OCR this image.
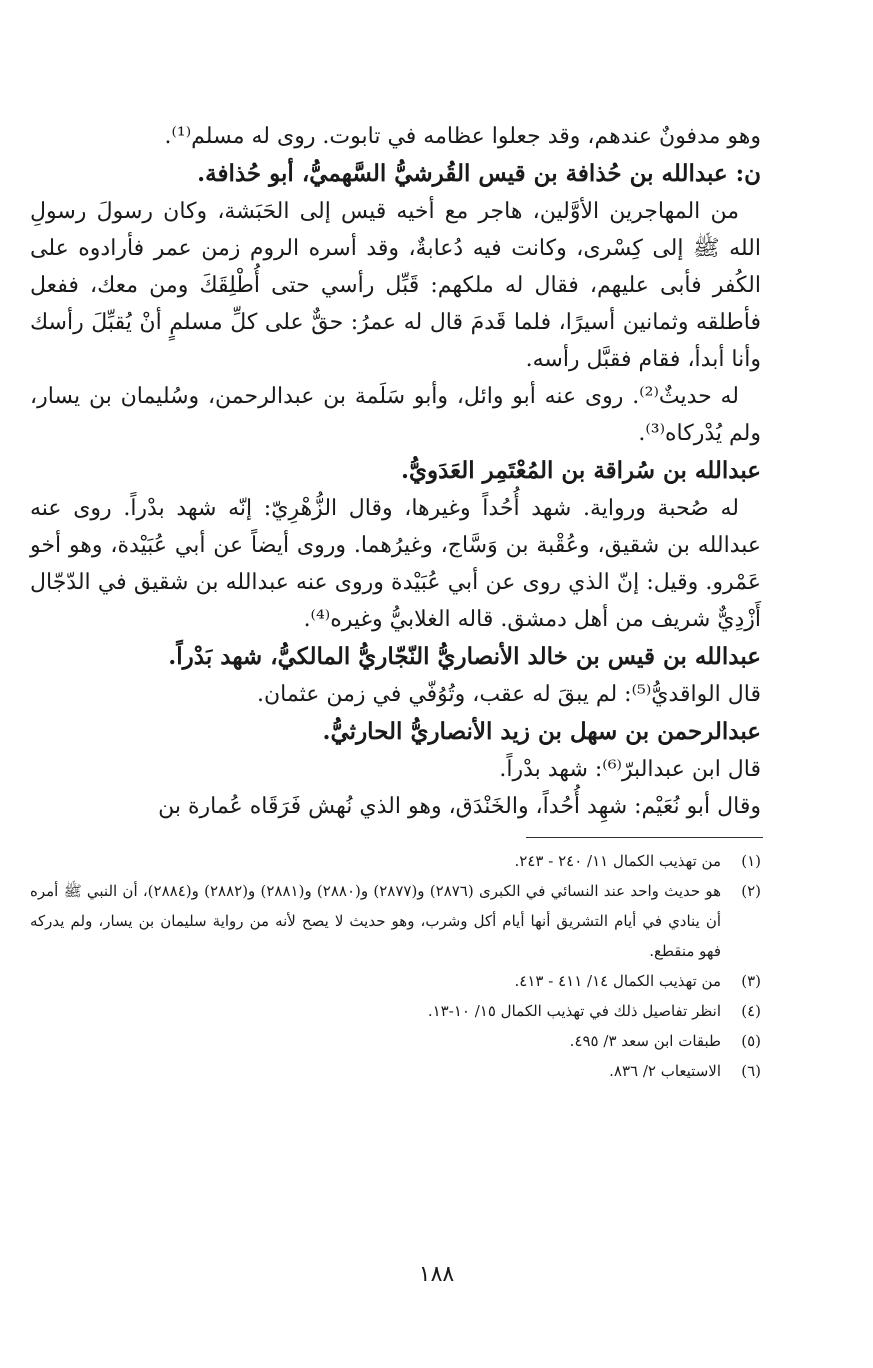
وهو مدفونٌ عندهم، وقد جعلوا عظامه في تابوت. روى له مسلم⁽¹⁾.

ن: عبدالله بن حُذافة بن قيس القُرشيُّ السَّهميُّ، أبو حُذافة.

من المهاجرين الأوَّلين، هاجر مع أخيه قيس إلى الحَبَشة، وكان رسولَ رسولِ الله ﷺ إلى كِسْرى، وكانت فيه دُعابةٌ، وقد أسره الروم زمن عمر فأرادوه على الكُفر فأبى عليهم، فقال له ملكهم: قَبِّل رأسي حتى أُطْلِقَكَ ومن معك، ففعل فأطلقه وثمانين أسيرًا، فلما قَدمَ قال له عمرُ: حقٌّ على كلِّ مسلمٍ أنْ يُقبِّلَ رأسك وأنا أبدأ، فقام فقبَّل رأسه.

له حديثٌ⁽²⁾. روى عنه أبو وائل، وأبو سَلَمة بن عبدالرحمن، وسُليمان بن يسار، ولم يُدْركاه⁽³⁾.

عبدالله بن سُراقة بن المُعْتَمِر العَدَويُّ.

له صُحبة ورواية. شهد أُحُداً وغيرها، وقال الزُّهْرِيّ: إنّه شهد بدْراً. روى عنه عبدالله بن شقيق، وعُقْبة بن وَسَّاج، وغيرُهما. وروى أيضاً عن أبي عُبَيْدة، وهو أخو عَمْرو. وقيل: إنّ الذي روى عن أبي عُبَيْدة وروى عنه عبدالله بن شقيق في الدّجّال أَزْدِيٌّ شريف من أهل دمشق. قاله الغلابيُّ وغيره⁽⁴⁾.

عبدالله بن قيس بن خالد الأنصاريُّ النّجّاريُّ المالكيُّ، شهد بَدْراً.

قال الواقديُّ⁽⁵⁾: لم يبقَ له عقب، وتُوُفّي في زمن عثمان.

عبدالرحمن بن سهل بن زيد الأنصاريُّ الحارثيُّ.

قال ابن عبدالبرّ⁽⁶⁾: شهد بدْراً.

وقال أبو نُعَيْم: شهِد أُحُداً، والخَنْدَق، وهو الذي نُهش فَرَقَاه عُمارة بن

(١)
من تهذيب الكمال ١١/ ٢٤٠ - ٢٤٣.
(٢)
هو حديث واحد عند النسائي في الكبرى (٢٨٧٦) و(٢٨٧٧) و(٢٨٨٠) و(٢٨٨١) و(٢٨٨٢) و(٢٨٨٤)، أن النبي ﷺ أمره أن ينادي في أيام التشريق أنها أيام أكل وشرب، وهو حديث لا يصح لأنه من رواية سليمان بن يسار، ولم يدركه فهو منقطع.
(٣)
من تهذيب الكمال ١٤/ ٤١١ - ٤١٣.
(٤)
انظر تفاصيل ذلك في تهذيب الكمال ١٥/ ١٠-١٣.
(٥)
طبقات ابن سعد ٣/ ٤٩٥.
(٦)
الاستيعاب ٢/ ٨٣٦.
١٨٨
